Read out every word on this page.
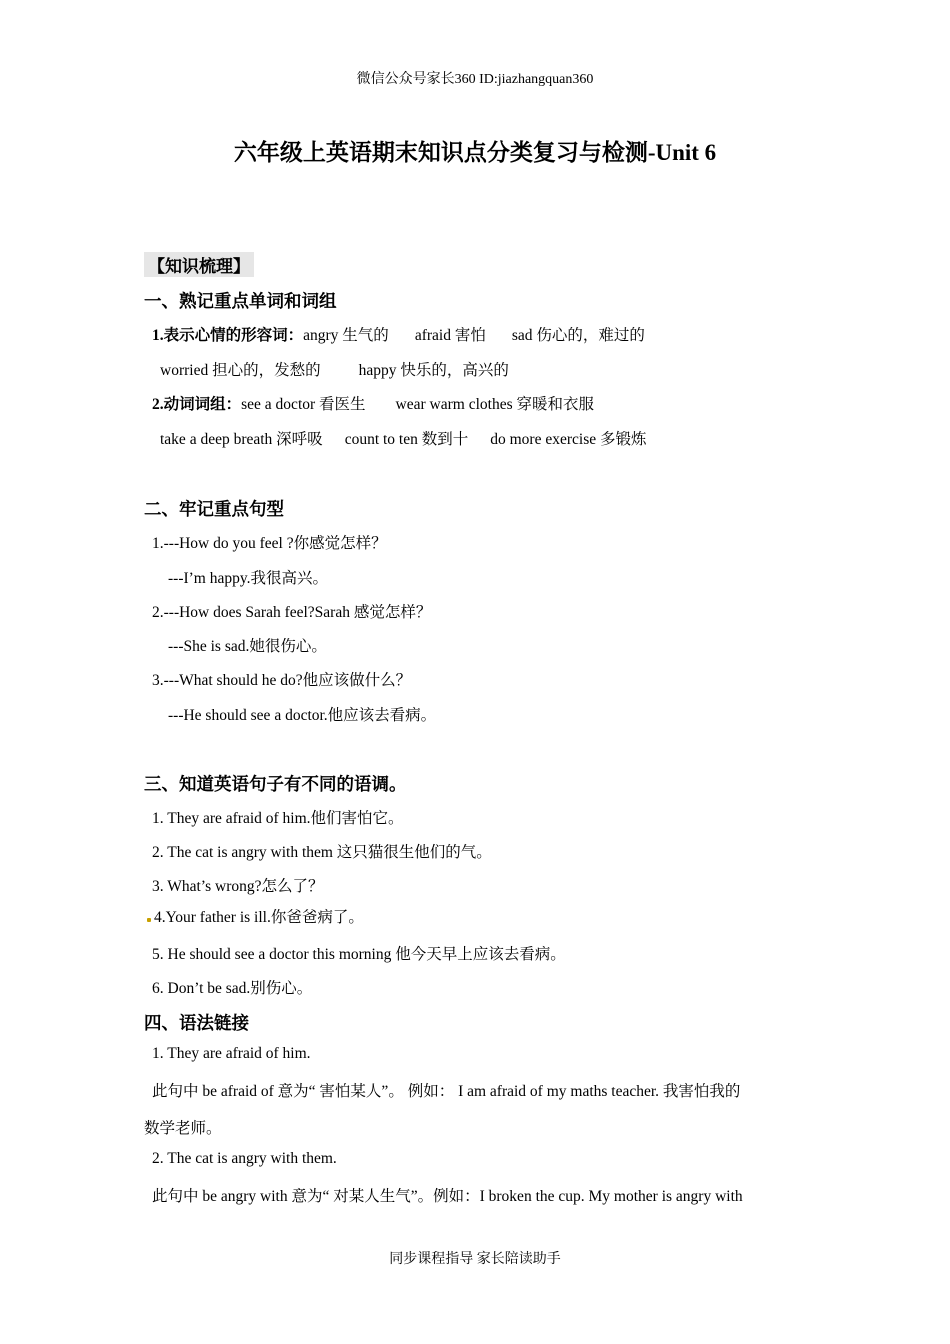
微信公众号家长360 ID:jiazhangquan360
六年级上英语期末知识点分类复习与检测-Unit 6
【知识梳理】
一、熟记重点单词和词组
1.表示心情的形容词：angry 生气的 afraid 害怕 sad 伤心的，难过的
worried 担心的，发愁的 happy 快乐的，高兴的
2.动词词组：see a doctor 看医生 wear warm clothes 穿暖和衣服
take a deep breath 深呼吸 count to ten 数到十 do more exercise 多锻炼
二、牢记重点句型
1.---How do you feel ?你感觉怎样？
---I’m happy.我很高兴。
2.---How does Sarah feel?Sarah 感觉怎样？
---She is sad.她很伤心。
3.---What should he do?他应该做什么？
---He should see a doctor.他应该去看病。
三、知道英语句子有不同的语调。
1. They are afraid of him.他们害怕它。
2. The cat is angry with them 这只猫很生他们的气。
3. What’s wrong?怎么了？
4.Your father is ill.你爸爸病了。
5. He should see a doctor this morning 他今天早上应该去看病。
6. Don’t be sad.别伤心。
四、语法链接
1. They are afraid of him.
此句中 be afraid of 意为“ 害怕某人”。 例如： I am afraid of my maths teacher. 我害怕我的
数学老师。
2. The cat is angry with them.
此句中 be angry with 意为“ 对某人生气”。例如：I broken the cup. My mother is angry with
同步课程指导 家长陪读助手
